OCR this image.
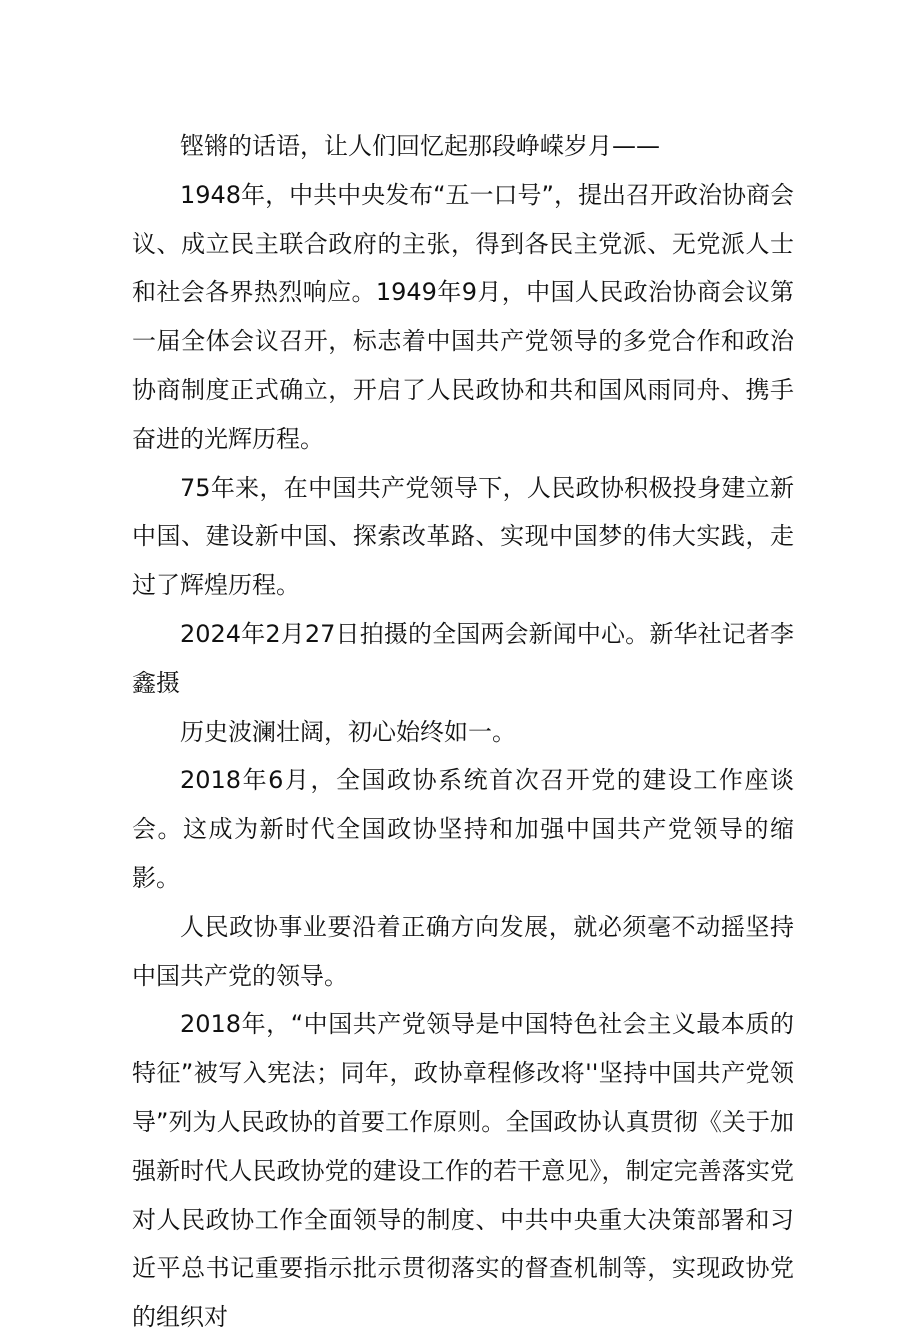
铿锵的话语，让人们回忆起那段峥嵘岁月——

1948年，中共中央发布“五一口号”，提出召开政治协商会议、成立民主联合政府的主张，得到各民主党派、无党派人士和社会各界热烈响应。1949年9月，中国人民政治协商会议第一届全体会议召开，标志着中国共产党领导的多党合作和政治协商制度正式确立，开启了人民政协和共和国风雨同舟、携手奋进的光辉历程。

75年来，在中国共产党领导下，人民政协积极投身建立新中国、建设新中国、探索改革路、实现中国梦的伟大实践，走过了辉煌历程。

2024年2月27日拍摄的全国两会新闻中心。新华社记者李鑫摄

历史波澜壮阔，初心始终如一。

2018年6月，全国政协系统首次召开党的建设工作座谈会。这成为新时代全国政协坚持和加强中国共产党领导的缩影。

人民政协事业要沿着正确方向发展，就必须毫不动摇坚持中国共产党的领导。

2018年，“中国共产党领导是中国特色社会主义最本质的特征”被写入宪法；同年，政协章程修改将''坚持中国共产党领导”列为人民政协的首要工作原则。全国政协认真贯彻《关于加强新时代人民政协党的建设工作的若干意见》，制定完善落实党对人民政协工作全面领导的制度、中共中央重大决策部署和习近平总书记重要指示批示贯彻落实的督查机制等，实现政协党的组织对
